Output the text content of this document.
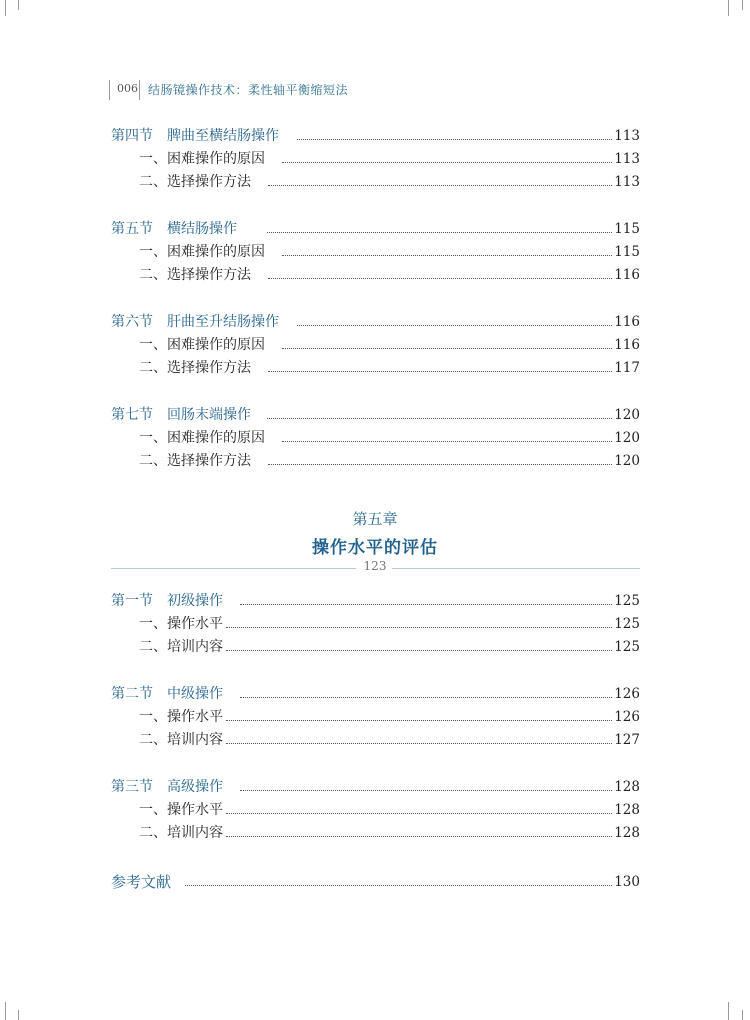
006 结肠镜操作技术：柔性轴平衡缩短法
第四节　脾曲至横结肠操作	113
一、困难操作的原因	113
二、选择操作方法	113
第五节　横结肠操作	115
一、困难操作的原因	115
二、选择操作方法	116
第六节　肝曲至升结肠操作	116
一、困难操作的原因	116
二、选择操作方法	117
第七节　回肠末端操作	120
一、困难操作的原因	120
二、选择操作方法	120
第五章
操作水平的评估
123
第一节　初级操作	125
一、操作水平	125
二、培训内容	125
第二节　中级操作	126
一、操作水平	126
二、培训内容	127
第三节　高级操作	128
一、操作水平	128
二、培训内容	128
参考文献	130
